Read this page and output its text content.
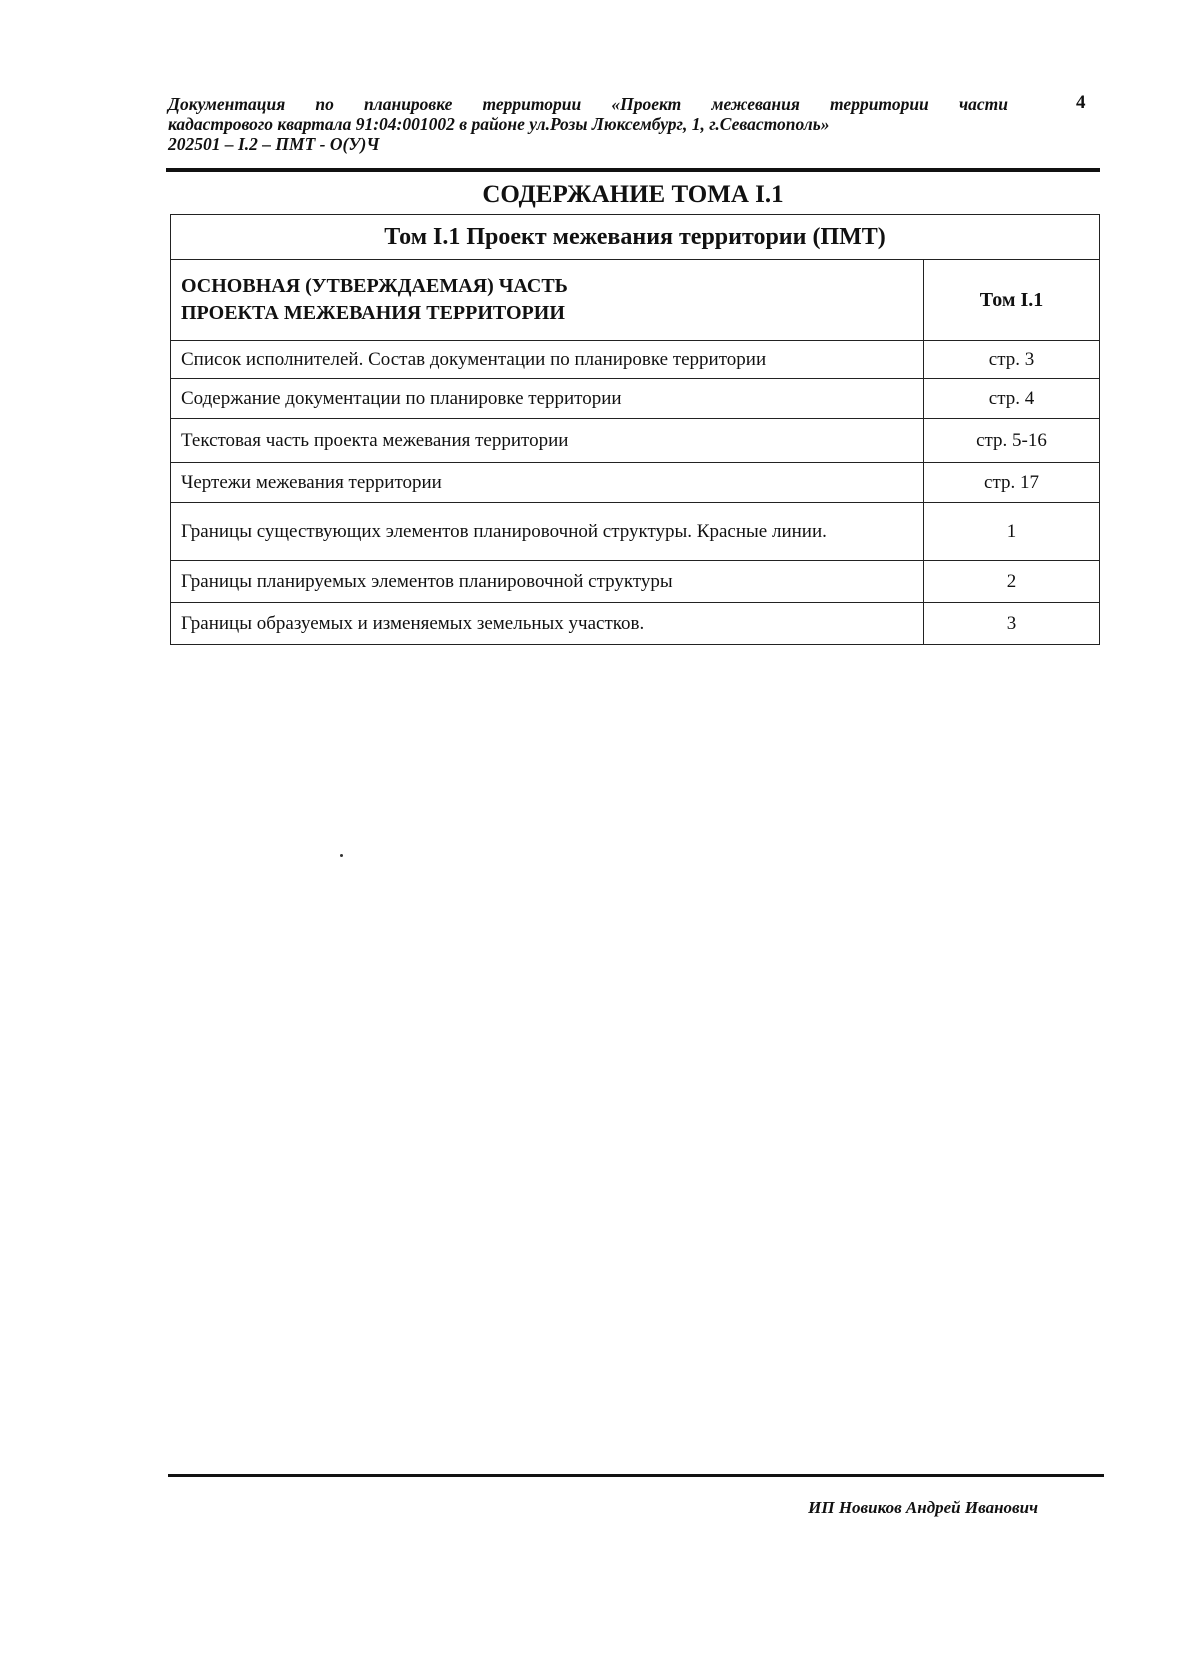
Документация по планировке территории «Проект межевания территории части
кадастрового квартала 91:04:001002 в районе ул.Розы Люксембург, 1, г.Севастополь»
202501 – I.2 – ПМТ - О(У)Ч
4
СОДЕРЖАНИЕ ТОМА I.1
Том I.1 Проект межевания территории (ПМТ)	
ОСНОВНАЯ (УТВЕРЖДАЕМАЯ) ЧАСТЬ
ПРОЕКТА МЕЖЕВАНИЯ ТЕРРИТОРИИ	Том I.1
Список исполнителей. Состав документации по планировке территории	стр. 3
Содержание документации по планировке территории	стр. 4
Текстовая часть проекта межевания территории	стр. 5-16
Чертежи межевания территории	стр. 17
Границы существующих элементов планировочной структуры. Красные линии.	1
Границы планируемых элементов планировочной структуры	2
Границы образуемых и изменяемых земельных участков.	3
ИП Новиков Андрей Иванович
